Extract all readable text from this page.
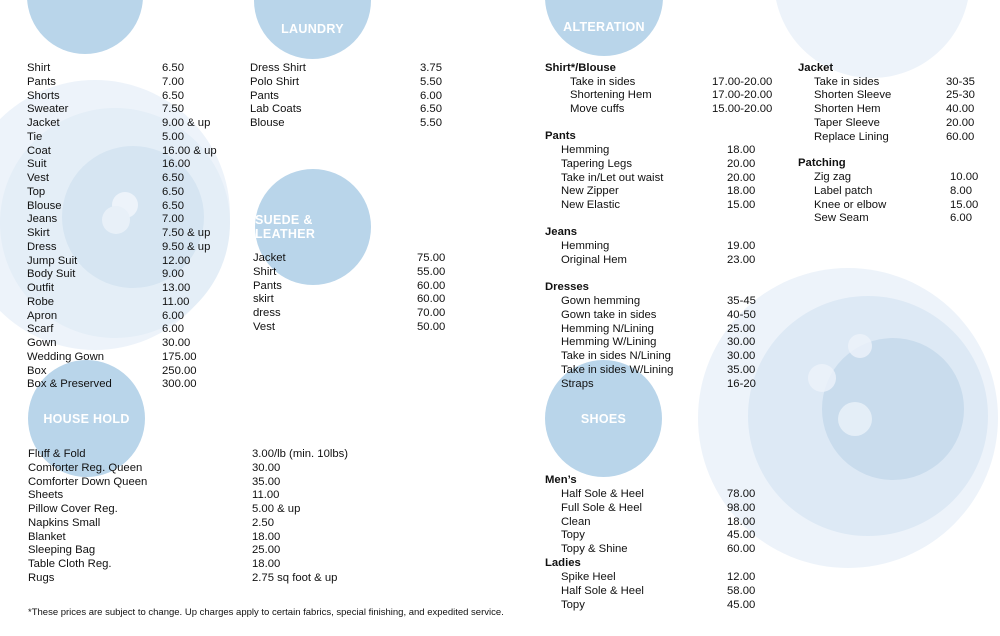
LAUNDRY
SUEDE & LEATHER
HOUSE HOLD
ALTERATION
SHOES
Shirt	6.50
Pants	7.00
Shorts	6.50
Sweater	7.50
Jacket	9.00 & up
Tie	5.00
Coat	16.00 & up
Suit	16.00
Vest	6.50
Top	6.50
Blouse	6.50
Jeans	7.00
Skirt	7.50 & up
Dress	9.50 & up
Jump Suit	12.00
Body Suit	9.00
Outfit	13.00
Robe	11.00
Apron	6.00
Scarf	6.00
Gown	30.00
Wedding Gown	175.00
Box	250.00
Box & Preserved	300.00
Dress Shirt	3.75
Polo Shirt	5.50
Pants	6.00
Lab Coats	6.50
Blouse	5.50
Jacket	75.00
Shirt	55.00
Pants	60.00
skirt	60.00
dress	70.00
Vest	50.00
Fluff & Fold	3.00/lb (min. 10lbs)
Comforter Reg. Queen	30.00
Comforter Down Queen	35.00
Sheets	11.00
Pillow Cover Reg.	5.00 & up
Napkins Small	2.50
Blanket	18.00
Sleeping Bag	25.00
Table Cloth Reg.	18.00
Rugs	2.75 sq foot & up
Shirt*/Blouse
Take in sides	17.00-20.00
Shortening Hem	17.00-20.00
Move cuffs	15.00-20.00
Pants
Hemming	18.00
Tapering Legs	20.00
Take in/Let out waist	20.00
New Zipper	18.00
New Elastic	15.00
Jeans
Hemming	19.00
Original Hem	23.00
Dresses
Gown hemming	35-45
Gown take in sides	40-50
Hemming N/Lining	25.00
Hemming W/Lining	30.00
Take in sides N/Lining	30.00
Take in sides W/Lining	35.00
Straps	16-20
Jacket
Take in sides	30-35
Shorten Sleeve	25-30
Shorten Hem	40.00
Taper Sleeve	20.00
Replace Lining	60.00
Patching
Zig zag	10.00
Label patch	8.00
Knee or elbow	15.00
Sew Seam	6.00
Men’s
Half Sole & Heel	78.00
Full Sole & Heel	98.00
Clean	18.00
Topy	45.00
Topy & Shine	60.00
Ladies
Spike Heel	12.00
Half Sole & Heel	58.00
Topy	45.00
*These prices are subject to change. Up charges apply to certain fabrics, special finishing, and expedited service.
